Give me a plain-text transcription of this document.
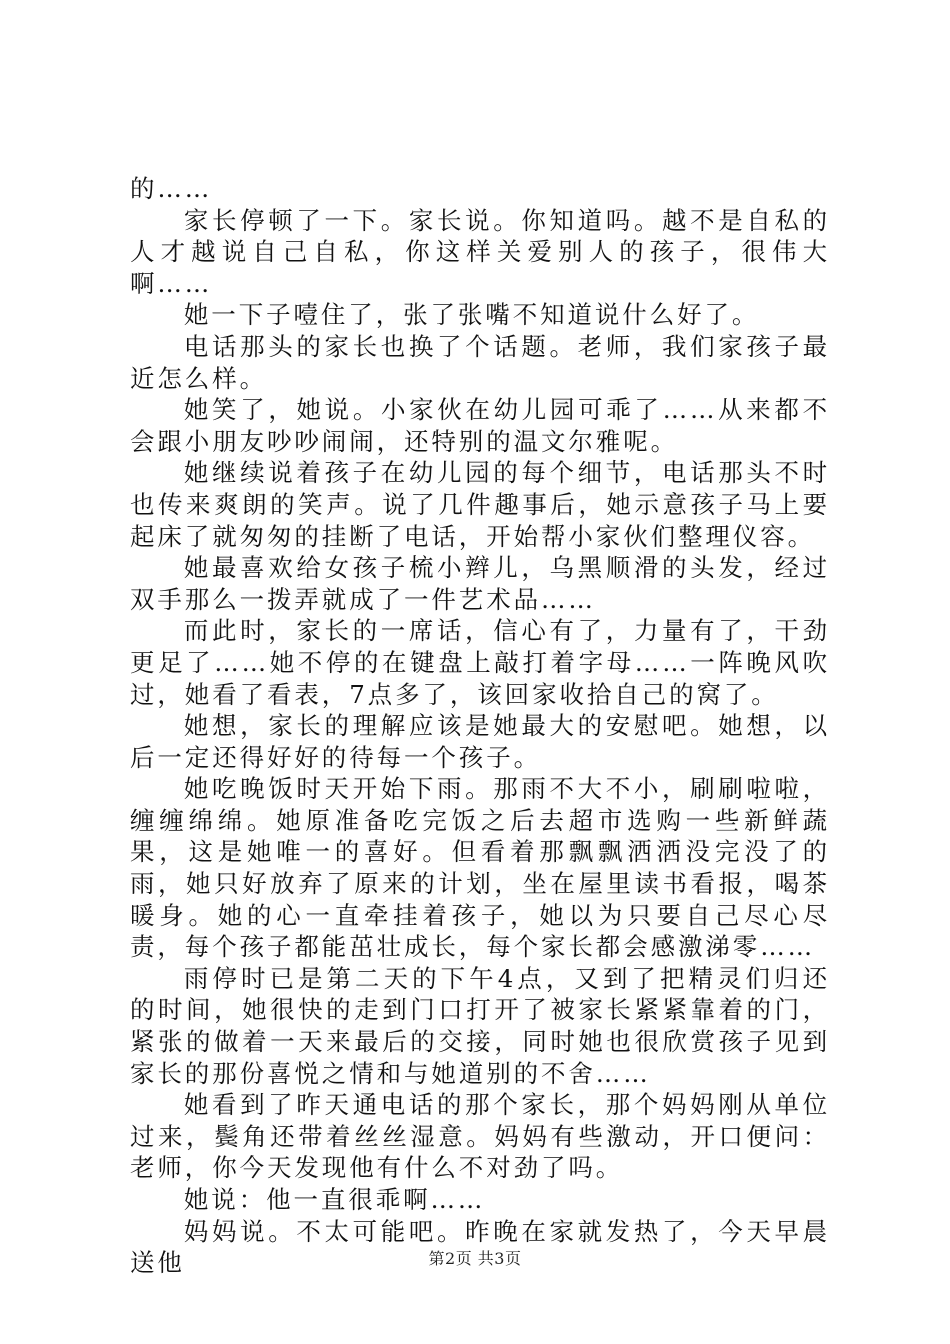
的……

家长停顿了一下。家长说。你知道吗。越不是自私的人才越说自己自私，你这样关爱别人的孩子，很伟大啊……

她一下子噎住了，张了张嘴不知道说什么好了。

电话那头的家长也换了个话题。老师，我们家孩子最近怎么样。

她笑了，她说。小家伙在幼儿园可乖了……从来都不会跟小朋友吵吵闹闹，还特别的温文尔雅呢。

她继续说着孩子在幼儿园的每个细节，电话那头不时也传来爽朗的笑声。说了几件趣事后，她示意孩子马上要起床了就匆匆的挂断了电话，开始帮小家伙们整理仪容。

她最喜欢给女孩子梳小辫儿，乌黑顺滑的头发，经过双手那么一拨弄就成了一件艺术品……

而此时，家长的一席话，信心有了，力量有了，干劲更足了……她不停的在键盘上敲打着字母……一阵晚风吹过，她看了看表，7点多了，该回家收拾自己的窝了。

她想，家长的理解应该是她最大的安慰吧。她想，以后一定还得好好的待每一个孩子。

她吃晚饭时天开始下雨。那雨不大不小，刷刷啦啦，缠缠绵绵。她原准备吃完饭之后去超市选购一些新鲜蔬果，这是她唯一的喜好。但看着那飘飘洒洒没完没了的雨，她只好放弃了原来的计划，坐在屋里读书看报，喝茶暖身。她的心一直牵挂着孩子，她以为只要自己尽心尽责，每个孩子都能茁壮成长，每个家长都会感激涕零……

雨停时已是第二天的下午4点，又到了把精灵们归还的时间，她很快的走到门口打开了被家长紧紧靠着的门，紧张的做着一天来最后的交接，同时她也很欣赏孩子见到家长的那份喜悦之情和与她道别的不舍……

她看到了昨天通电话的那个家长，那个妈妈刚从单位过来，鬓角还带着丝丝湿意。妈妈有些激动，开口便问：老师，你今天发现他有什么不对劲了吗。

她说：他一直很乖啊……

妈妈说。不太可能吧。昨晚在家就发热了，今天早晨送他	第2页 共3页
